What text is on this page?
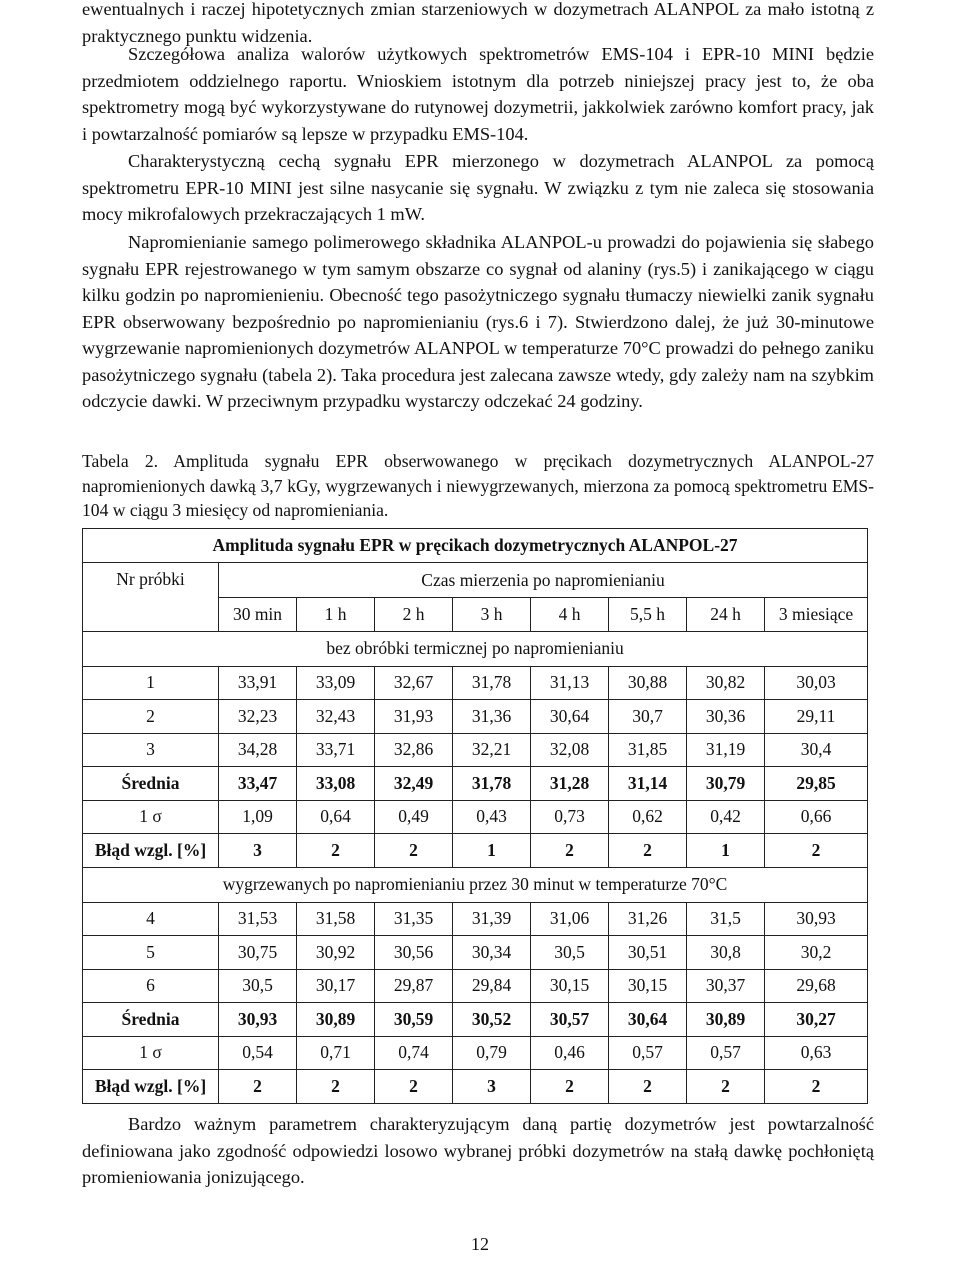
ewentualnych i raczej hipotetycznych zmian starzeniowych w dozymetrach ALANPOL za mało istotną z praktycznego punktu widzenia.

Szczegółowa analiza walorów użytkowych spektrometrów EMS-104 i EPR-10 MINI będzie przedmiotem oddzielnego raportu. Wnioskiem istotnym dla potrzeb niniejszej pracy jest to, że oba spektrometry mogą być wykorzystywane do rutynowej dozymetrii, jakkolwiek zarówno komfort pracy, jak i powtarzalność pomiarów są lepsze w przypadku EMS-104.

Charakterystyczną cechą sygnału EPR mierzonego w dozymetrach ALANPOL za pomocą spektrometru EPR-10 MINI jest silne nasycanie się sygnału. W związku z tym nie zaleca się stosowania mocy mikrofalowych przekraczających 1 mW.

Napromienianie samego polimerowego składnika ALANPOL-u prowadzi do pojawienia się słabego sygnału EPR rejestrowanego w tym samym obszarze co sygnał od alaniny (rys.5) i zanikającego w ciągu kilku godzin po napromienieniu. Obecność tego pasożytniczego sygnału tłumaczy niewielki zanik sygnału EPR obserwowany bezpośrednio po napromienianiu (rys.6 i 7). Stwierdzono dalej, że już 30-minutowe wygrzewanie napromienionych dozymetrów ALANPOL w temperaturze 70°C prowadzi do pełnego zaniku pasożytniczego sygnału (tabela 2). Taka procedura jest zalecana zawsze wtedy, gdy zależy nam na szybkim odczycie dawki. W przeciwnym przypadku wystarczy odczekać 24 godziny.

Tabela 2. Amplituda sygnału EPR obserwowanego w pręcikach dozymetrycznych ALANPOL-27 napromienionych dawką 3,7 kGy, wygrzewanych i niewygrzewanych, mierzona za pomocą spektrometru EMS-104 w ciągu 3 miesięcy od napromieniania.

Amplituda sygnału EPR w pręcikach dozymetrycznych ALANPOL-27								
Nr próbki	Czas mierzenia po napromienianiu							
	30 min	1 h	2 h	3 h	4 h	5,5 h	24 h	3 miesiące
bez obróbki termicznej po napromienianiu								
1	33,91	33,09	32,67	31,78	31,13	30,88	30,82	30,03
2	32,23	32,43	31,93	31,36	30,64	30,7	30,36	29,11
3	34,28	33,71	32,86	32,21	32,08	31,85	31,19	30,4
Średnia	33,47	33,08	32,49	31,78	31,28	31,14	30,79	29,85
1 σ	1,09	0,64	0,49	0,43	0,73	0,62	0,42	0,66
Błąd wzgl. [%]	3	2	2	1	2	2	1	2
wygrzewanych po napromienianiu przez 30 minut w temperaturze 70°C								
4	31,53	31,58	31,35	31,39	31,06	31,26	31,5	30,93
5	30,75	30,92	30,56	30,34	30,5	30,51	30,8	30,2
6	30,5	30,17	29,87	29,84	30,15	30,15	30,37	29,68
Średnia	30,93	30,89	30,59	30,52	30,57	30,64	30,89	30,27
1 σ	0,54	0,71	0,74	0,79	0,46	0,57	0,57	0,63
Błąd wzgl. [%]	2	2	2	3	2	2	2	2

Bardzo ważnym parametrem charakteryzującym daną partię dozymetrów jest powtarzalność definiowana jako zgodność odpowiedzi losowo wybranej próbki dozymetrów na stałą dawkę pochłoniętą promieniowania jonizującego.

12
